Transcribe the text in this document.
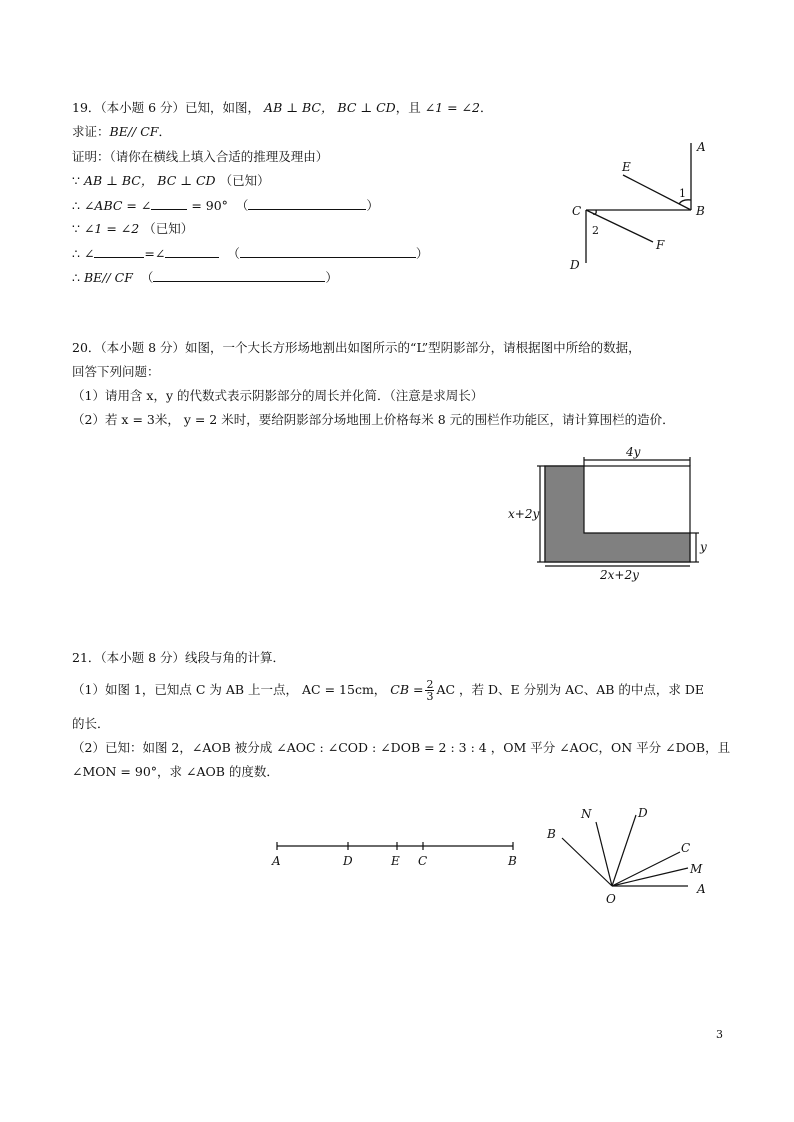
19．（本小题 6 分）已知，如图， AB ⊥ BC， BC ⊥ CD，且 ∠1 = ∠2．
求证：BE// CF．
证明：（请你在横线上填入合适的推理及理由）
∵ AB ⊥ BC， BC ⊥ CD （已知）
∴ ∠ABC = ∠	= 90° （	）
∵ ∠1 = ∠2 （已知）
∴ ∠	=∠	（	）
∴ BE// CF （	）
A
B
C
D
E
F
1
2
20．（本小题 8 分）如图，一个大长方形场地割出如图所示的“L”型阴影部分，请根据图中所给的数据，
回答下列问题：
（1）请用含 x，y 的代数式表示阴影部分的周长并化简．（注意是求周长）
（2）若 x = 3米， y = 2 米时，要给阴影部分场地围上价格每米 8 元的围栏作功能区，请计算围栏的造价．
4y
x+2y
y
2x+2y
21．（本小题 8 分）线段与角的计算．
（1）如图 1，已知点 C 为 AB 上一点， AC = 15cm， CB = $\frac{2}{3}$ AC ，若 D、E 分别为 AC、AB 的中点，求 DE
的长．
（2）已知：如图 2，∠AOB 被分成 ∠AOC : ∠COD : ∠DOB = 2 : 3 : 4 ，OM 平分 ∠AOC，ON 平分 ∠DOB，且
∠MON = 90°，求 ∠AOB 的度数．
A	D	E C	B
N	D
B
C
M
A
O
3
